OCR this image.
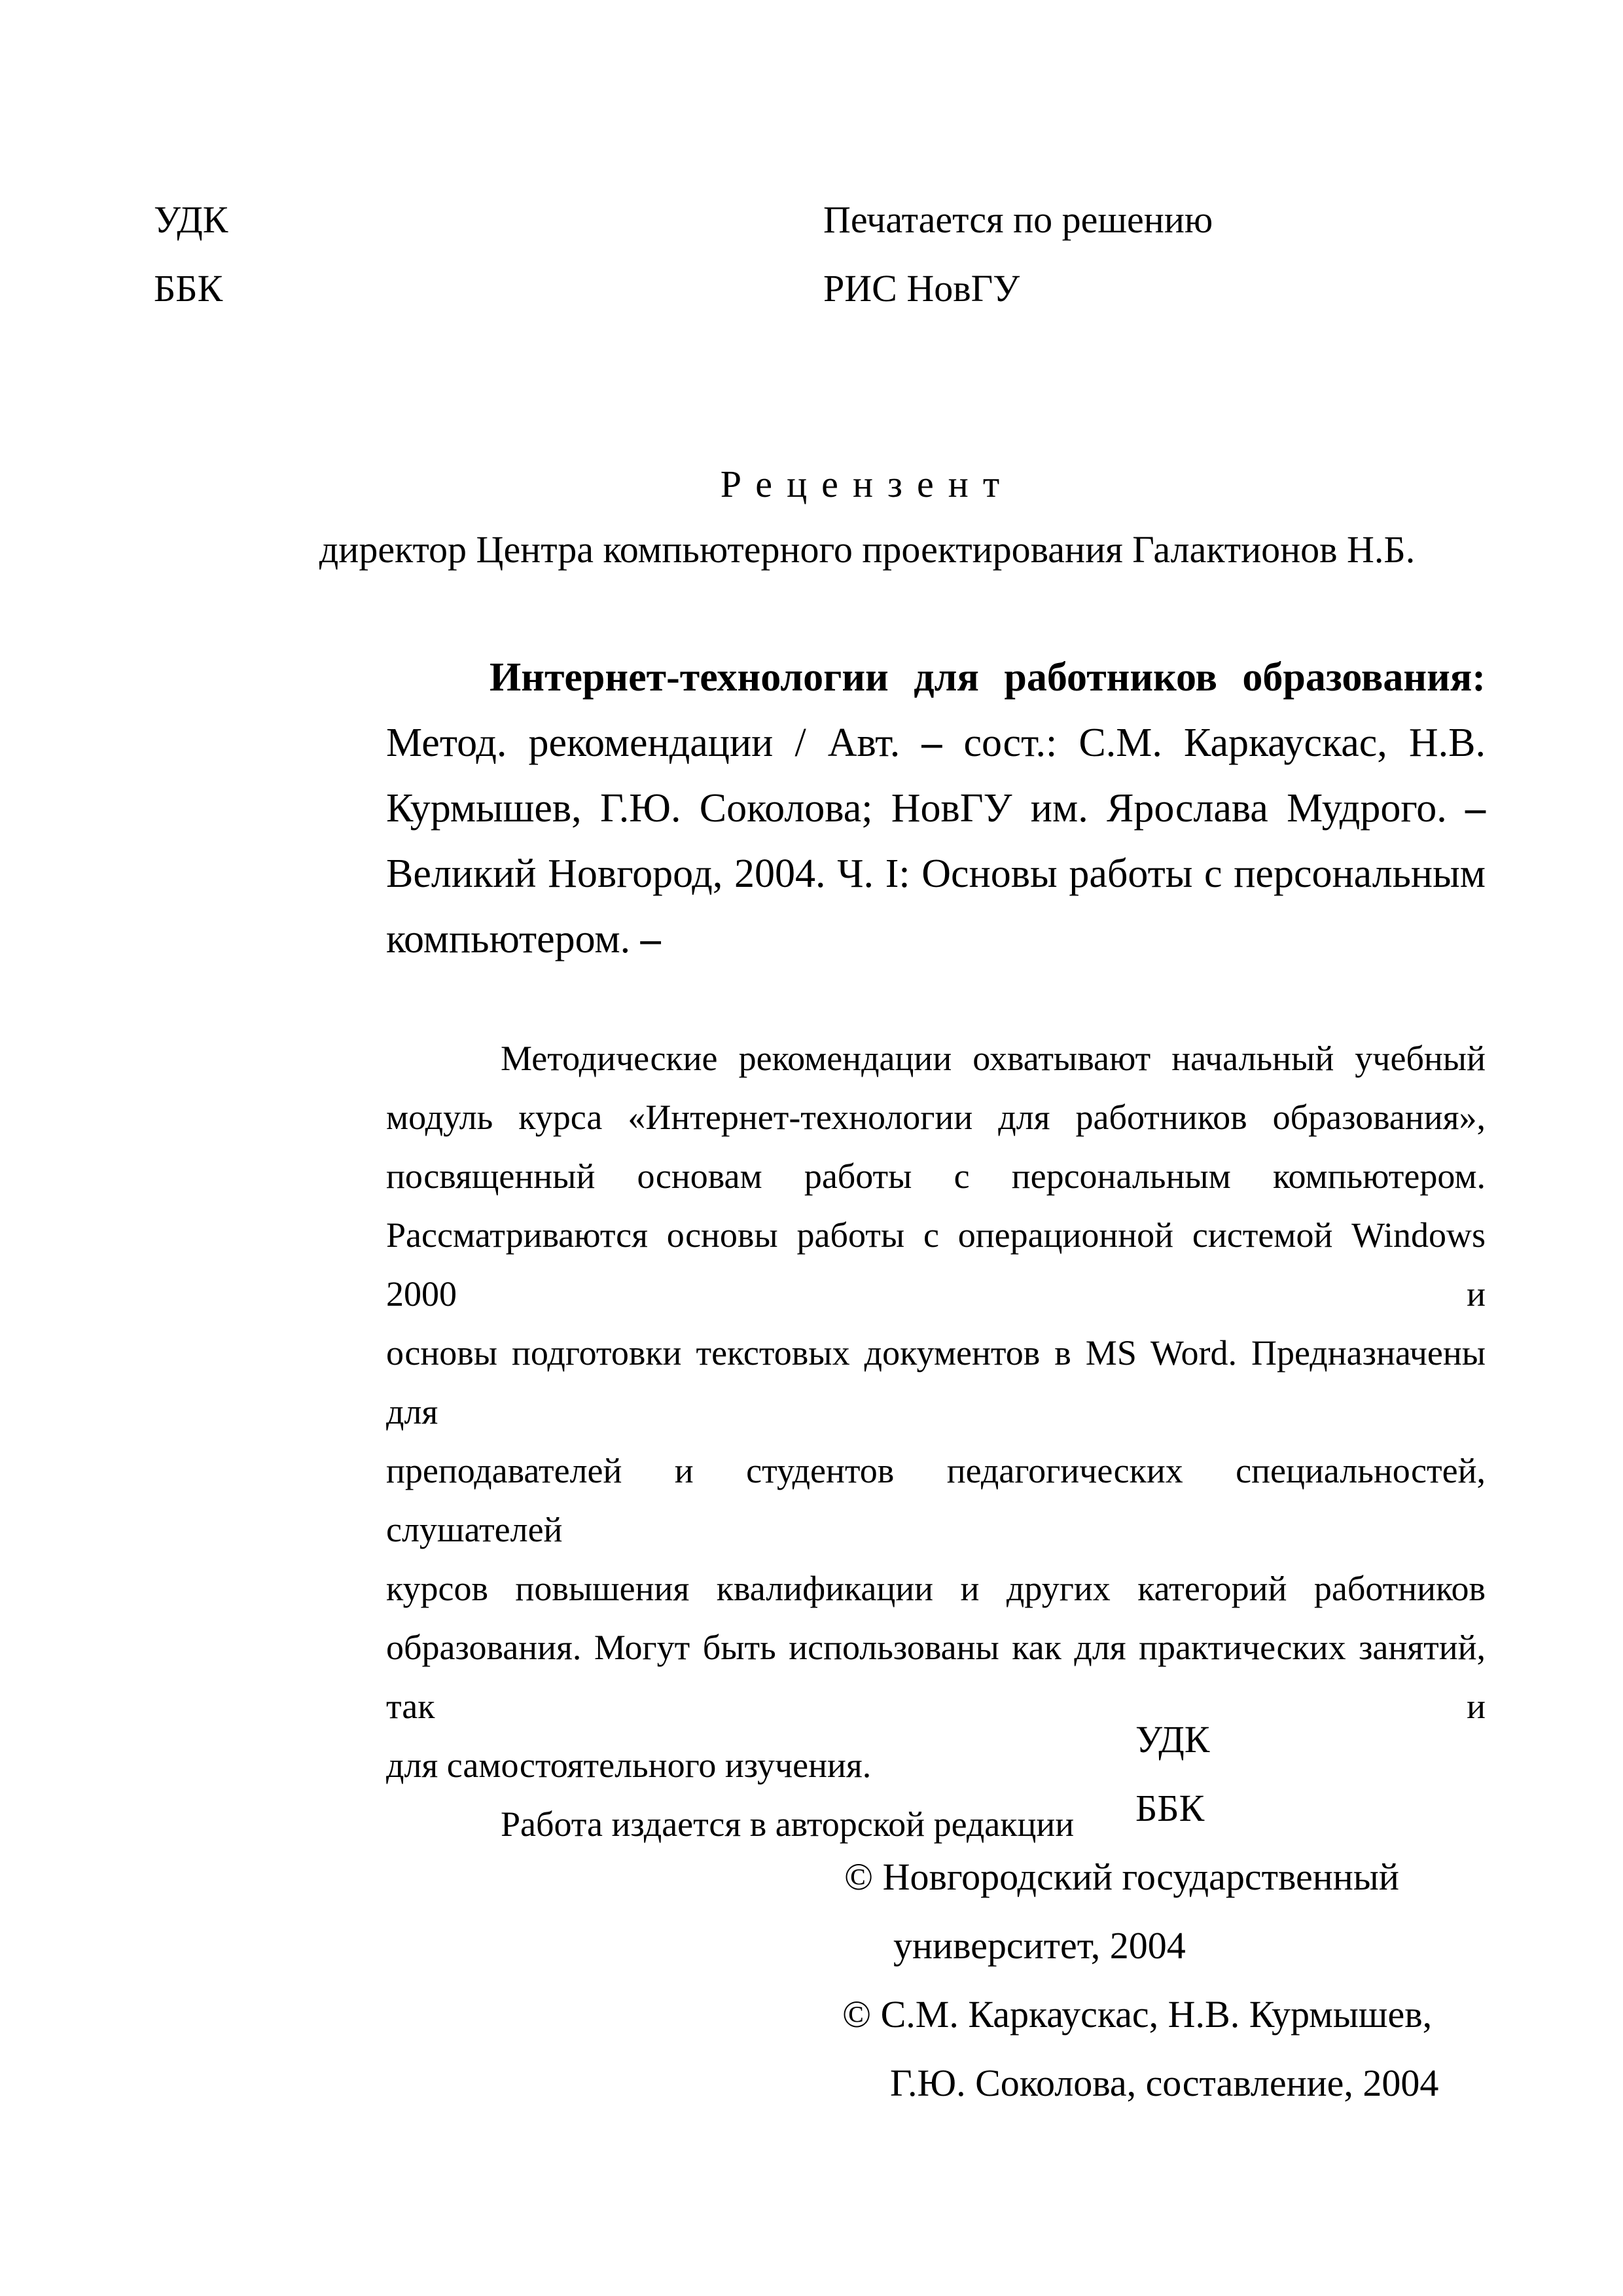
УДК
ББК
Печатается по решению
РИС НовГУ
Рецензент
директор Центра компьютерного проектирования Галактионов Н.Б.
Интернет-технологии для работников образования:
Метод. рекомендации / Авт. – сост.: С.М. Каркаускас, Н.В.
Курмышев, Г.Ю. Соколова; НовГУ им. Ярослава Мудрого. –
Великий Новгород, 2004. Ч. I: Основы работы с персональным
компьютером. –
Методические рекомендации охватывают начальный учебный
модуль курса «Интернет-технологии для работников образования»,
посвященный основам работы с персональным компьютером.
Рассматриваются основы работы с операционной системой Windows 2000 и
основы подготовки текстовых документов в MS Word. Предназначены для
преподавателей и студентов педагогических специальностей, слушателей
курсов повышения квалификации и других категорий работников
образования. Могут быть использованы как для практических занятий, так и
для самостоятельного изучения.
Работа издается в авторской редакции
УДК
ББК
© Новгородский государственный
университет, 2004
© С.М. Каркаускас, Н.В. Курмышев,
Г.Ю. Соколова, составление, 2004
